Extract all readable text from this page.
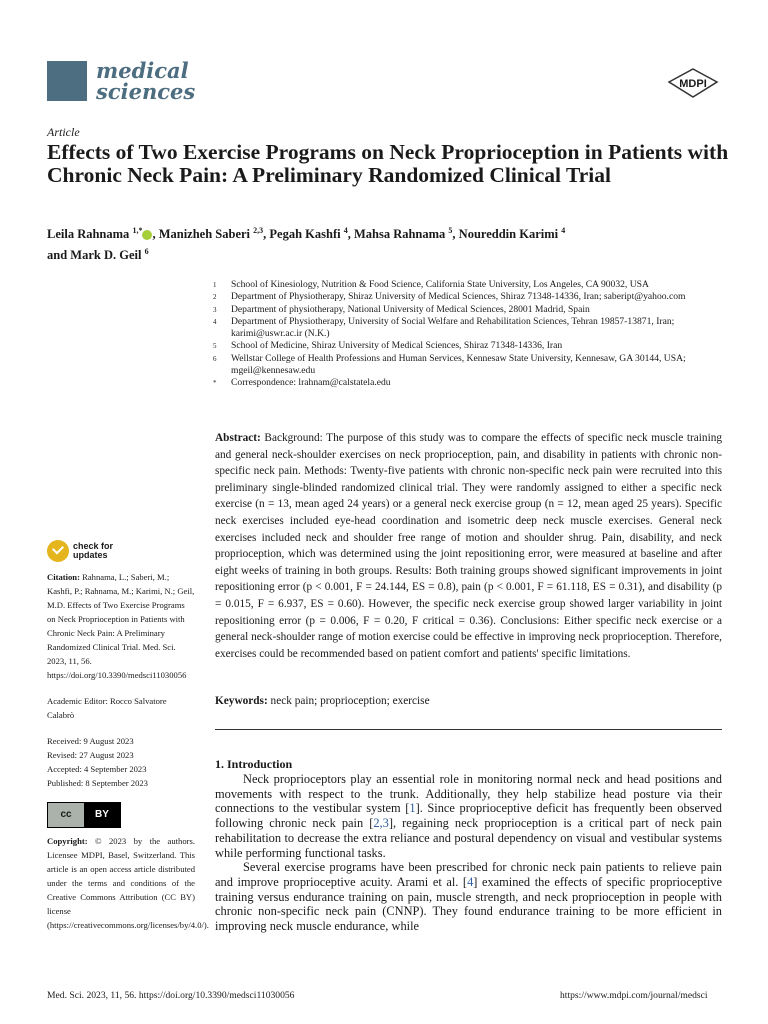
medical
sciences	MDPI
Article
Effects of Two Exercise Programs on Neck Proprioception in Patients with Chronic Neck Pain: A Preliminary Randomized Clinical Trial
Leila Rahnama $^{1,*}$ , Manizheh Saberi $^{2,3}$, Pegah Kashfi $^4$, Mahsa Rahnama $^5$, Noureddin Karimi $^4$
and Mark D. Geil $^6$
1	School of Kinesiology, Nutrition & Food Science, California State University, Los Angeles, CA 90032, USA
2	Department of Physiotherapy, Shiraz University of Medical Sciences, Shiraz 71348-14336, Iran; sabeript@yahoo.com
3	Department of physiotherapy, National University of Medical Sciences, 28001 Madrid, Spain
4	Department of Physiotherapy, University of Social Welfare and Rehabilitation Sciences, Tehran 19857-13871, Iran; karimi@uswr.ac.ir (N.K.)
5	School of Medicine, Shiraz University of Medical Sciences, Shiraz 71348-14336, Iran
6	Wellstar College of Health Professions and Human Services, Kennesaw State University, Kennesaw, GA 30144, USA; mgeil@kennesaw.edu
*	Correspondence: lrahnam@calstatela.edu
Abstract: Background: The purpose of this study was to compare the effects of specific neck muscle training and general neck-shoulder exercises on neck proprioception, pain, and disability in patients with chronic non-specific neck pain. Methods: Twenty-five patients with chronic non-specific neck pain were recruited into this preliminary single-blinded randomized clinical trial. They were randomly assigned to either a specific neck exercise (n = 13, mean aged 24 years) or a general neck exercise group (n = 12, mean aged 25 years). Specific neck exercises included eye-head coordination and isometric deep neck muscle exercises. General neck exercises included neck and shoulder free range of motion and shoulder shrug. Pain, disability, and neck proprioception, which was determined using the joint repositioning error, were measured at baseline and after eight weeks of training in both groups. Results: Both training groups showed significant improvements in joint repositioning error (p < 0.001, F = 24.144, ES = 0.8), pain (p < 0.001, F = 61.118, ES = 0.31), and disability (p = 0.015, F = 6.937, ES = 0.60). However, the specific neck exercise group showed larger variability in joint repositioning error (p = 0.006, F = 0.20, F critical = 0.36). Conclusions: Either specific neck exercise or a general neck-shoulder range of motion exercise could be effective in improving neck proprioception. Therefore, exercises could be recommended based on patient comfort and patients' specific limitations.
Keywords: neck pain; proprioception; exercise
1. Introduction

Neck proprioceptors play an essential role in monitoring normal neck and head positions and movements with respect to the trunk. Additionally, they help stabilize head posture via their connections to the vestibular system [1]. Since proprioceptive deficit has frequently been observed following chronic neck pain [2,3], regaining neck proprioception is a critical part of neck pain rehabilitation to decrease the extra reliance and postural dependency on visual and vestibular systems while performing functional tasks.

Several exercise programs have been prescribed for chronic neck pain patients to relieve pain and improve proprioceptive acuity. Arami et al. [4] examined the effects of specific proprioceptive training versus endurance training on pain, muscle strength, and neck proprioception in people with chronic non-specific neck pain (CNNP). They found endurance training to be more efficient in improving neck muscle endurance, while

check for
updates
Citation: Rahnama, L.; Saberi, M.; Kashfi, P.; Rahnama, M.; Karimi, N.; Geil, M.D. Effects of Two Exercise Programs on Neck Proprioception in Patients with Chronic Neck Pain: A Preliminary Randomized Clinical Trial. Med. Sci. 2023, 11, 56. https://doi.org/10.3390/medsci11030056
Academic Editor: Rocco Salvatore Calabrò
Received: 9 August 2023
Revised: 27 August 2023
Accepted: 4 September 2023
Published: 8 September 2023
cc	BY
Copyright: © 2023 by the authors. Licensee MDPI, Basel, Switzerland. This article is an open access article distributed under the terms and conditions of the Creative Commons Attribution (CC BY) license (https://creativecommons.org/licenses/by/4.0/).
Med. Sci. 2023, 11, 56. https://doi.org/10.3390/medsci11030056	https://www.mdpi.com/journal/medsci
